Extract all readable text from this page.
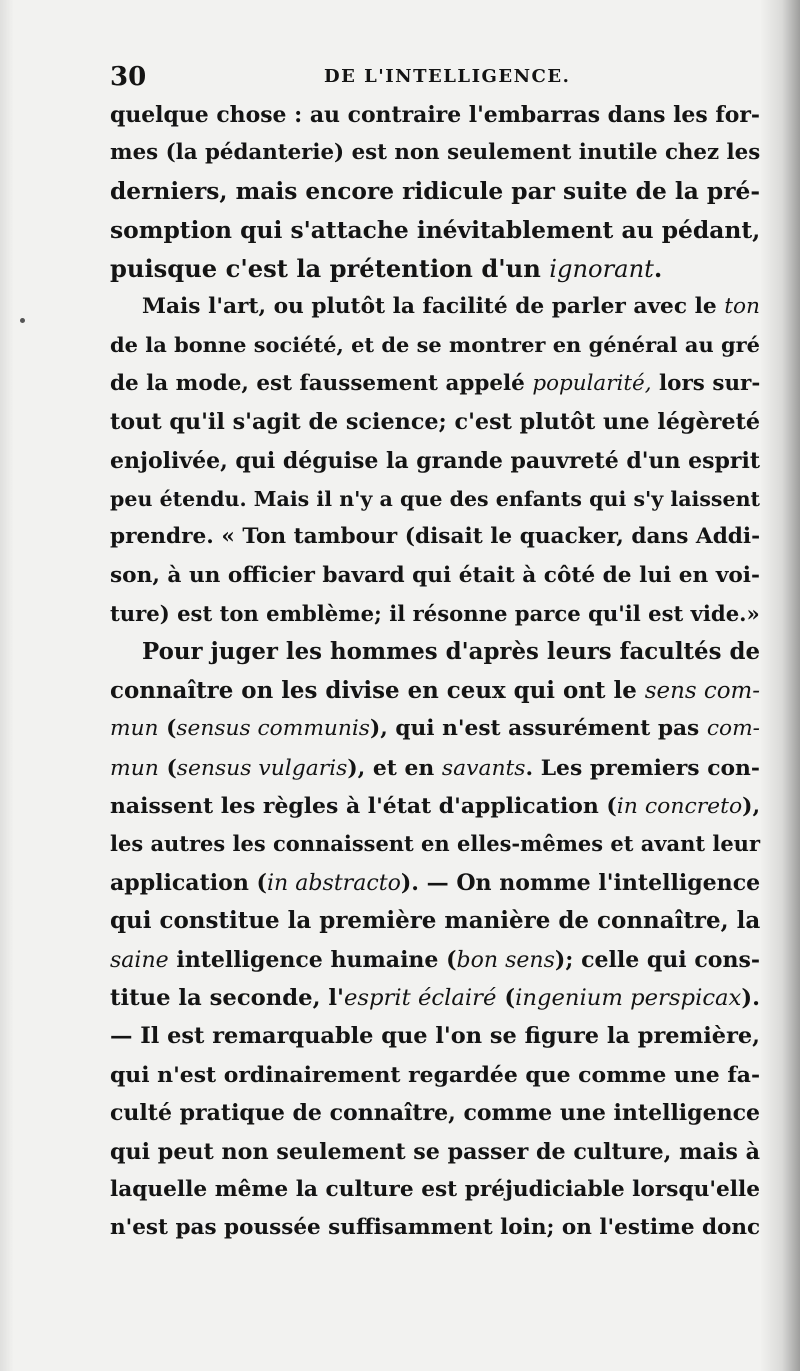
30	DE L'INTELLIGENCE.
quelque chose : au contraire l'embarras dans les for-
mes (la pédanterie) est non seulement inutile chez les
derniers, mais encore ridicule par suite de la pré-
somption qui s'attache inévitablement au pédant,
puisque c'est la prétention d'un ignorant.
Mais l'art, ou plutôt la facilité de parler avec le ton
de la bonne société, et de se montrer en général au gré
de la mode, est faussement appelé popularité, lors sur-
tout qu'il s'agit de science; c'est plutôt une légèreté
enjolivée, qui déguise la grande pauvreté d'un esprit
peu étendu. Mais il n'y a que des enfants qui s'y laissent
prendre. « Ton tambour (disait le quacker, dans Addi-
son, à un officier bavard qui était à côté de lui en voi-
ture) est ton emblème; il résonne parce qu'il est vide.»
Pour juger les hommes d'après leurs facultés de
connaître on les divise en ceux qui ont le sens com-
mun (sensus communis), qui n'est assurément pas com-
mun (sensus vulgaris), et en savants. Les premiers con-
naissent les règles à l'état d'application (in concreto),
les autres les connaissent en elles-mêmes et avant leur
application (in abstracto). — On nomme l'intelligence
qui constitue la première manière de connaître, la
saine intelligence humaine (bon sens); celle qui cons-
titue la seconde, l'esprit éclairé (ingenium perspicax).
— Il est remarquable que l'on se figure la première,
qui n'est ordinairement regardée que comme une fa-
culté pratique de connaître, comme une intelligence
qui peut non seulement se passer de culture, mais à
laquelle même la culture est préjudiciable lorsqu'elle
n'est pas poussée suffisamment loin; on l'estime donc
